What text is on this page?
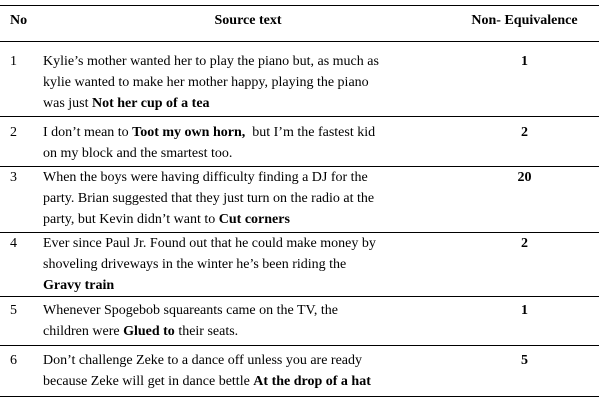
No	Source text	Non- Equivalence
1 Kylie’s mother wanted her to play the piano but, as much as
kylie wanted to make her mother happy, playing the piano
was just Not her cup of a tea
1
2 I don’t mean to Toot my own horn,  but I’m the fastest kid
on my block and the smartest too.
2
3 When the boys were having difficulty finding a DJ for the
party. Brian suggested that they just turn on the radio at the
party, but Kevin didn’t want to Cut corners
20
4 Ever since Paul Jr. Found out that he could make money by
shoveling driveways in the winter he’s been riding the
Gravy train
2
5 Whenever Spogebob squareants came on the TV, the
children were Glued to their seats.
1
6 Don’t challenge Zeke to a dance off unless you are ready
because Zeke will get in dance bettle At the drop of a hat
5
